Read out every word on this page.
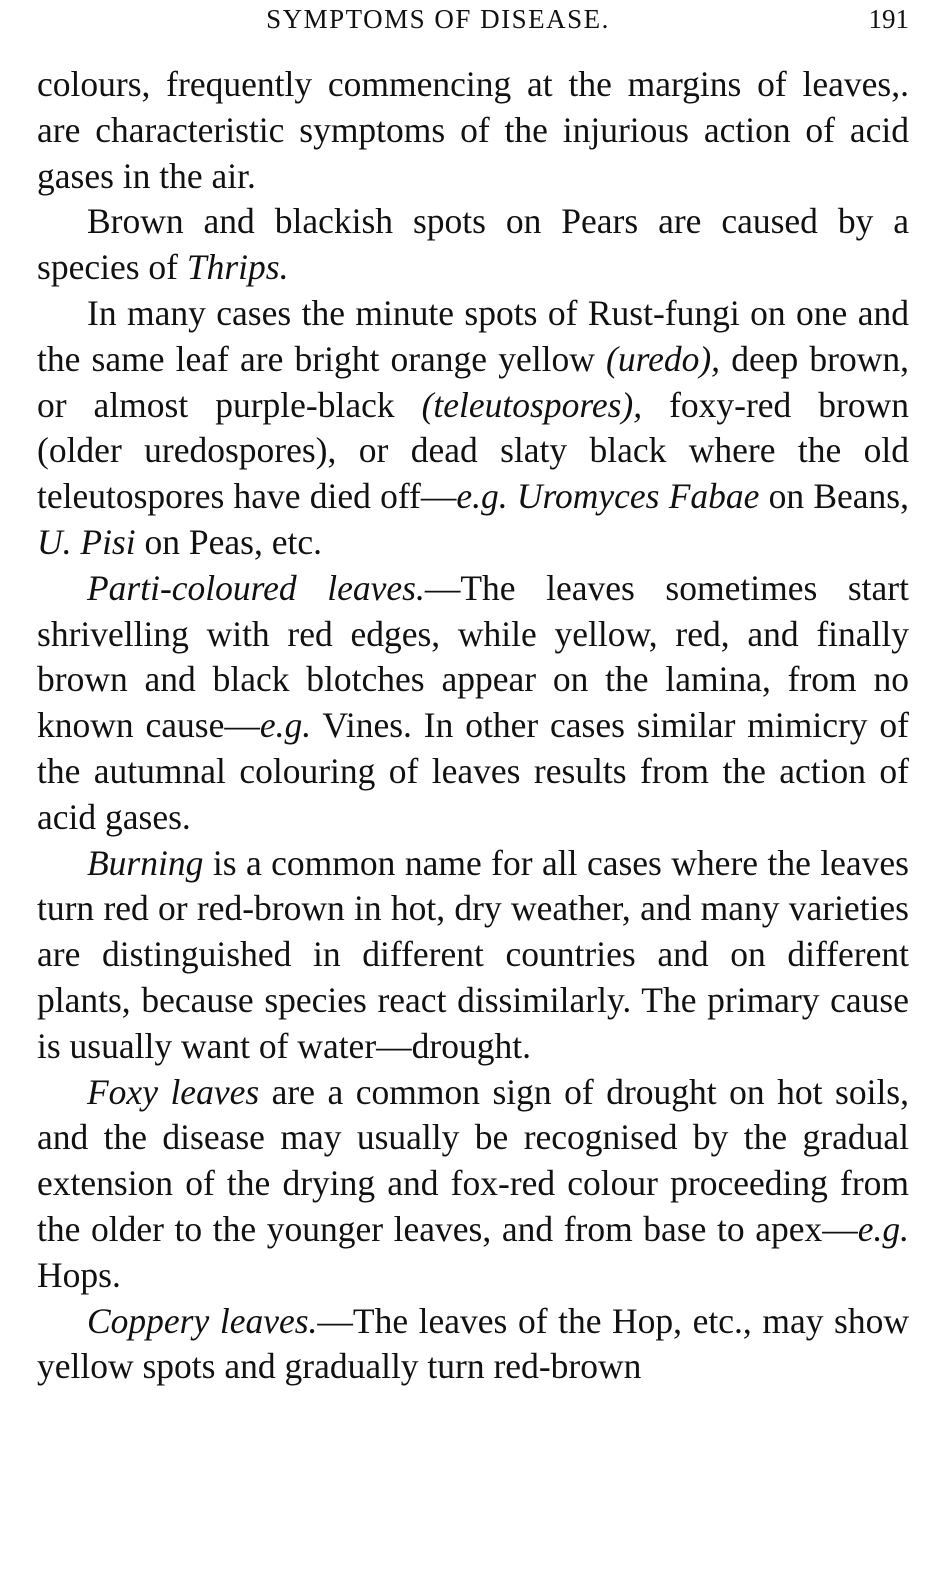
SYMPTOMS OF DISEASE.	191

colours, frequently commencing at the margins of leaves,. are characteristic symptoms of the injurious action of acid gases in the air.

Brown and blackish spots on Pears are caused by a species of Thrips.

In many cases the minute spots of Rust-fungi on one and the same leaf are bright orange yellow (uredo), deep brown, or almost purple-black (teleutospores), foxy-red brown (older uredospores), or dead slaty black where the old teleutospores have died off—e.g. Uromyces Fabae on Beans, U. Pisi on Peas, etc.

Parti-coloured leaves.—The leaves sometimes start shrivelling with red edges, while yellow, red, and finally brown and black blotches appear on the lamina, from no known cause—e.g. Vines. In other cases similar mimicry of the autumnal colouring of leaves results from the action of acid gases.

Burning is a common name for all cases where the leaves turn red or red-brown in hot, dry weather, and many varieties are distinguished in different countries and on different plants, because species react dissimilarly. The primary cause is usually want of water—drought.

Foxy leaves are a common sign of drought on hot soils, and the disease may usually be recognised by the gradual extension of the drying and fox-red colour proceeding from the older to the younger leaves, and from base to apex—e.g. Hops.

Coppery leaves.—The leaves of the Hop, etc., may show yellow spots and gradually turn red-brown
